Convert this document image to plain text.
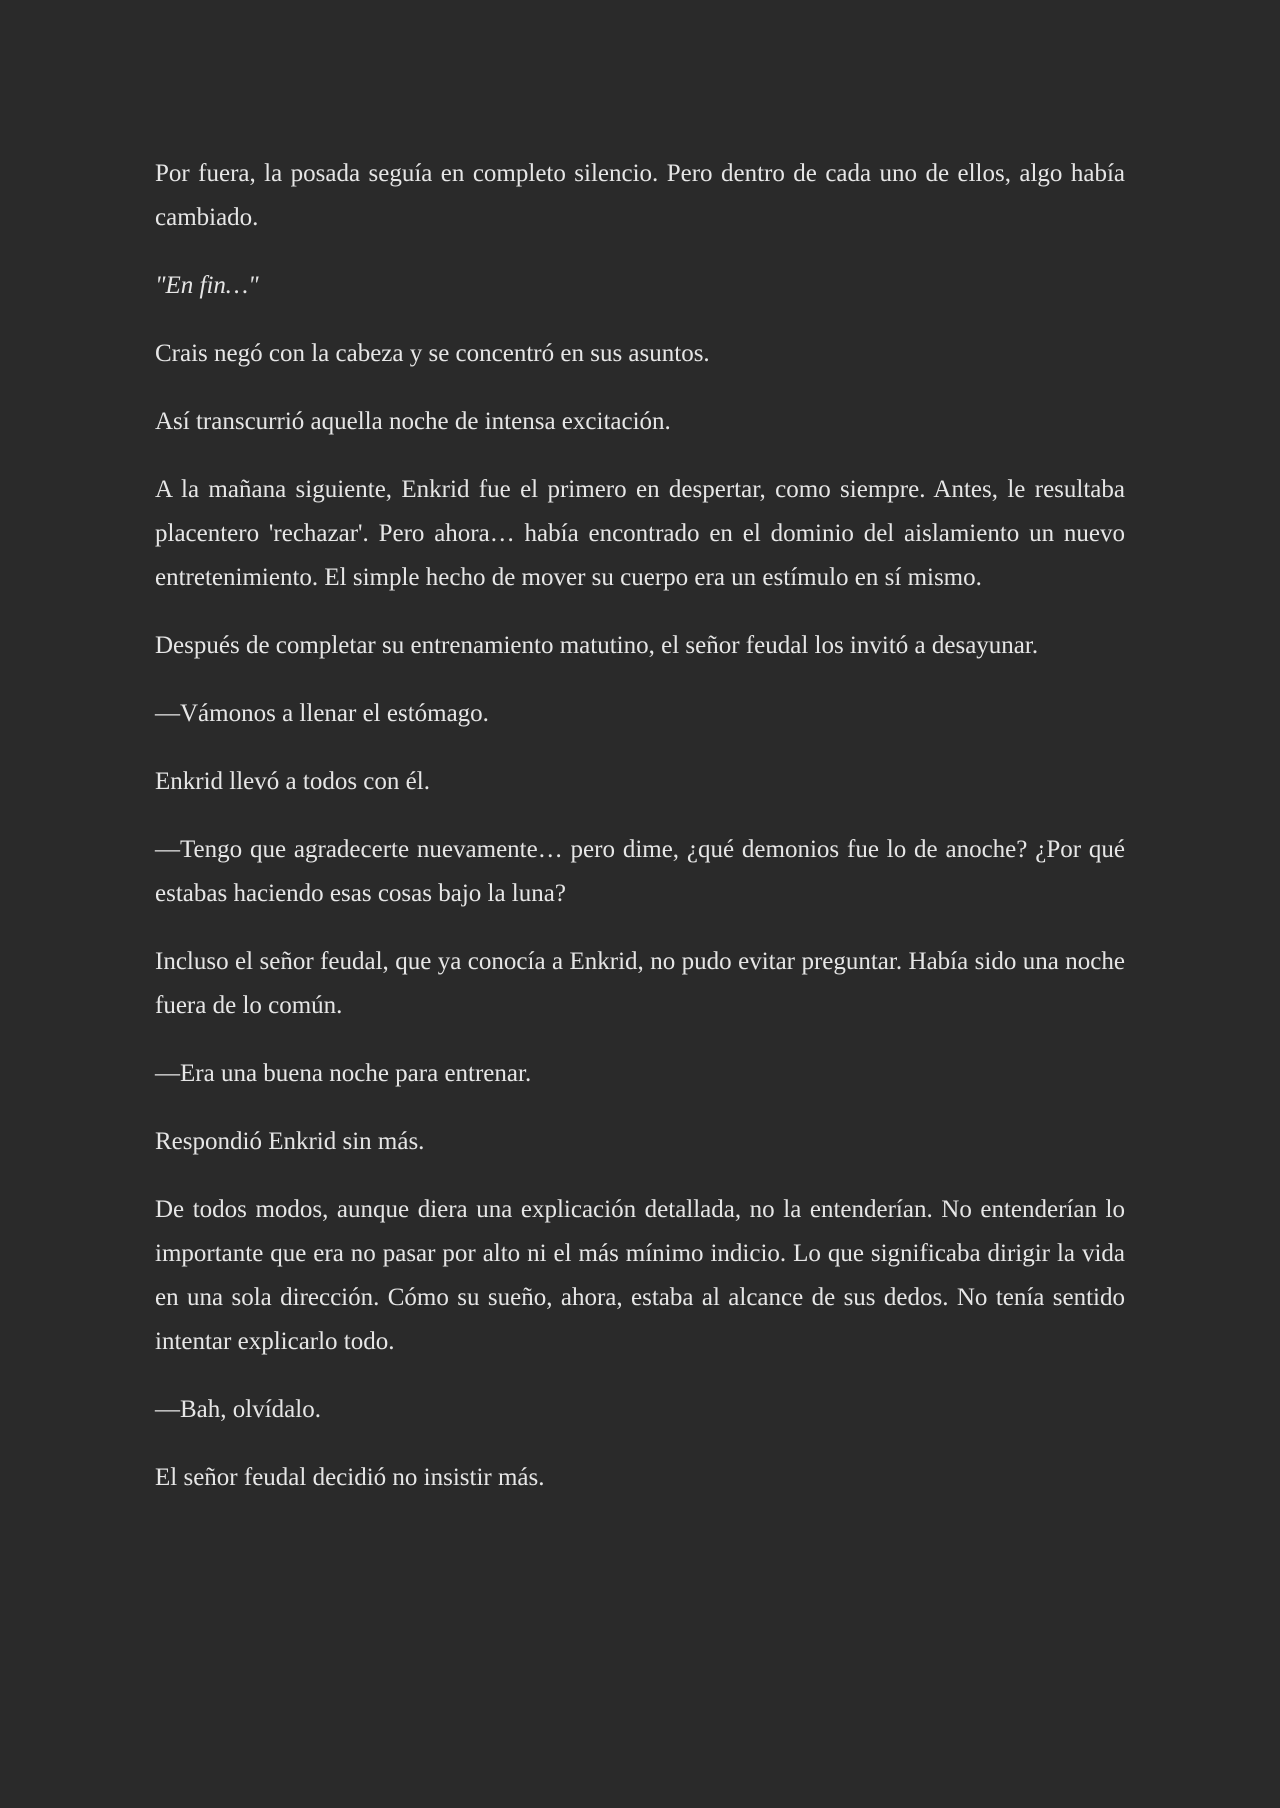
Por fuera, la posada seguía en completo silencio. Pero dentro de cada uno de ellos, algo había cambiado.

"En fin…"

Crais negó con la cabeza y se concentró en sus asuntos.

Así transcurrió aquella noche de intensa excitación.

A la mañana siguiente, Enkrid fue el primero en despertar, como siempre. Antes, le resultaba placentero 'rechazar'. Pero ahora… había encontrado en el dominio del aislamiento un nuevo entretenimiento. El simple hecho de mover su cuerpo era un estímulo en sí mismo.

Después de completar su entrenamiento matutino, el señor feudal los invitó a desayunar.

—Vámonos a llenar el estómago.

Enkrid llevó a todos con él.

—Tengo que agradecerte nuevamente… pero dime, ¿qué demonios fue lo de anoche? ¿Por qué estabas haciendo esas cosas bajo la luna?

Incluso el señor feudal, que ya conocía a Enkrid, no pudo evitar preguntar. Había sido una noche fuera de lo común.

—Era una buena noche para entrenar.

Respondió Enkrid sin más.

De todos modos, aunque diera una explicación detallada, no la entenderían. No entenderían lo importante que era no pasar por alto ni el más mínimo indicio. Lo que significaba dirigir la vida en una sola dirección. Cómo su sueño, ahora, estaba al alcance de sus dedos. No tenía sentido intentar explicarlo todo.

—Bah, olvídalo.

El señor feudal decidió no insistir más.
